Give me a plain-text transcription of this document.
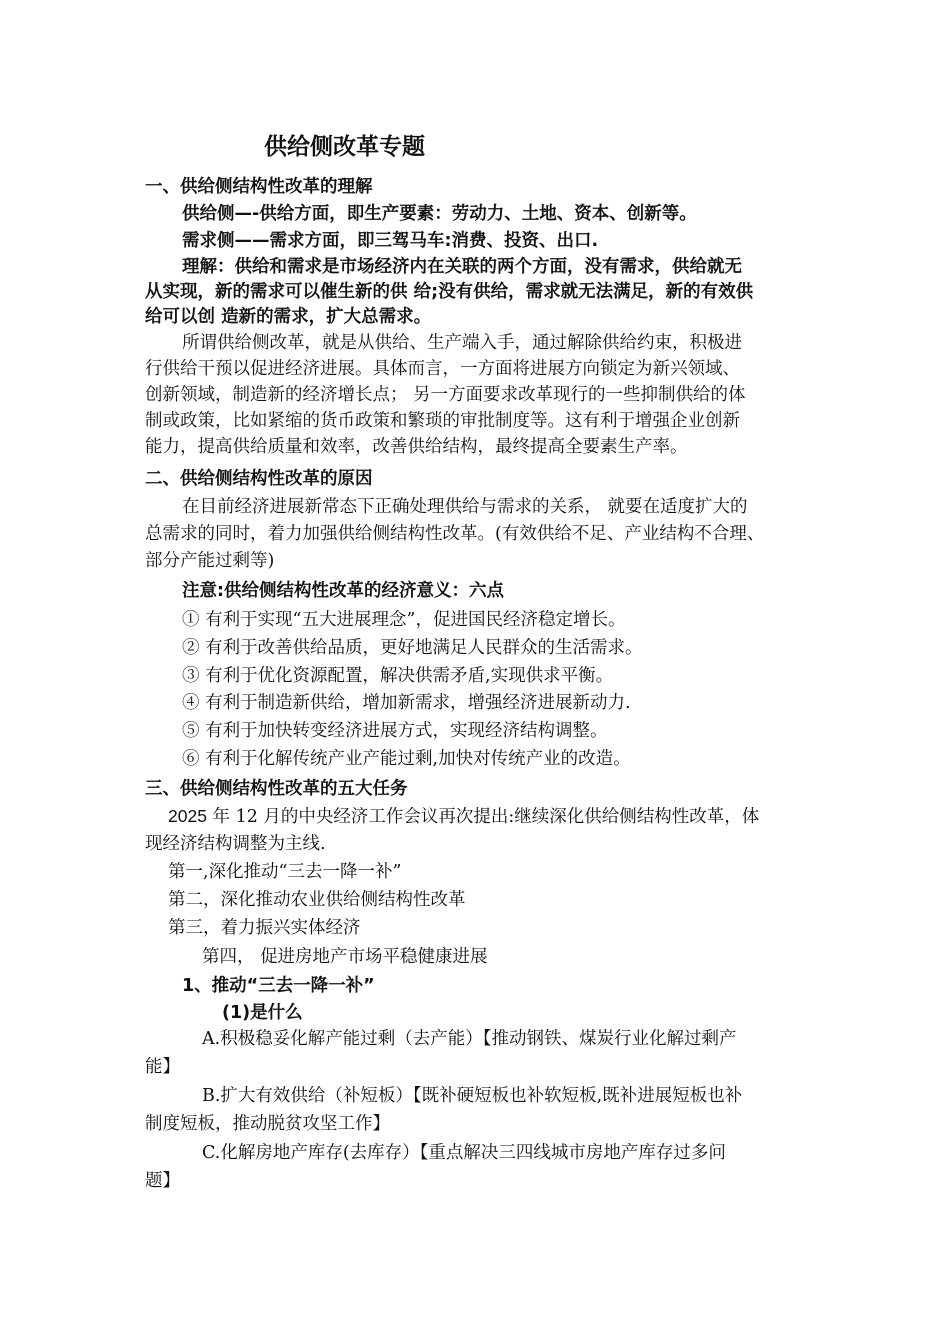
供给侧改革专题
一、供给侧结构性改革的理解
供给侧—-供给方面，即生产要素：劳动力、土地、资本、创新等。
需求侧——需求方面，即三驾马车:消费、投资、出口.
理解：供给和需求是市场经济内在关联的两个方面，没有需求，供给就无
从实现，新的需求可以催生新的供 给;没有供给，需求就无法满足，新的有效供
给可以创 造新的需求，扩大总需求。
所谓供给侧改革，就是从供给、生产端入手，通过解除供给约束，积极进
行供给干预以促进经济进展。具体而言，一方面将进展方向锁定为新兴领域、
创新领域，制造新的经济增长点； 另一方面要求改革现行的一些抑制供给的体
制或政策，比如紧缩的货币政策和繁琐的审批制度等。这有利于增强企业创新
能力，提高供给质量和效率，改善供给结构，最终提高全要素生产率。
二、供给侧结构性改革的原因
在目前经济进展新常态下正确处理供给与需求的关系， 就要在适度扩大的
总需求的同时，着力加强供给侧结构性改革。(有效供给不足、产业结构不合理、
部分产能过剩等)
注意:供给侧结构性改革的经济意义：六点
① 有利于实现“五大进展理念”，促进国民经济稳定增长。
② 有利于改善供给品质，更好地满足人民群众的生活需求。
③ 有利于优化资源配置，解决供需矛盾,实现供求平衡。
④ 有利于制造新供给，增加新需求，增强经济进展新动力.
⑤ 有利于加快转变经济进展方式，实现经济结构调整。
⑥ 有利于化解传统产业产能过剩,加快对传统产业的改造。
三、供给侧结构性改革的五大任务
2025 年 12 月的中央经济工作会议再次提出:继续深化供给侧结构性改革，体
现经济结构调整为主线.
第一,深化推动“三去一降一补”
第二，深化推动农业供给侧结构性改革
第三，着力振兴实体经济
第四， 促进房地产市场平稳健康进展
1、推动“三去一降一补”
(1)是什么
A.积极稳妥化解产能过剩（去产能）【推动钢铁、煤炭行业化解过剩产
能】
B.扩大有效供给（补短板）【既补硬短板也补软短板,既补进展短板也补
制度短板，推动脱贫攻坚工作】
C.化解房地产库存(去库存）【重点解决三四线城市房地产库存过多问
题】
